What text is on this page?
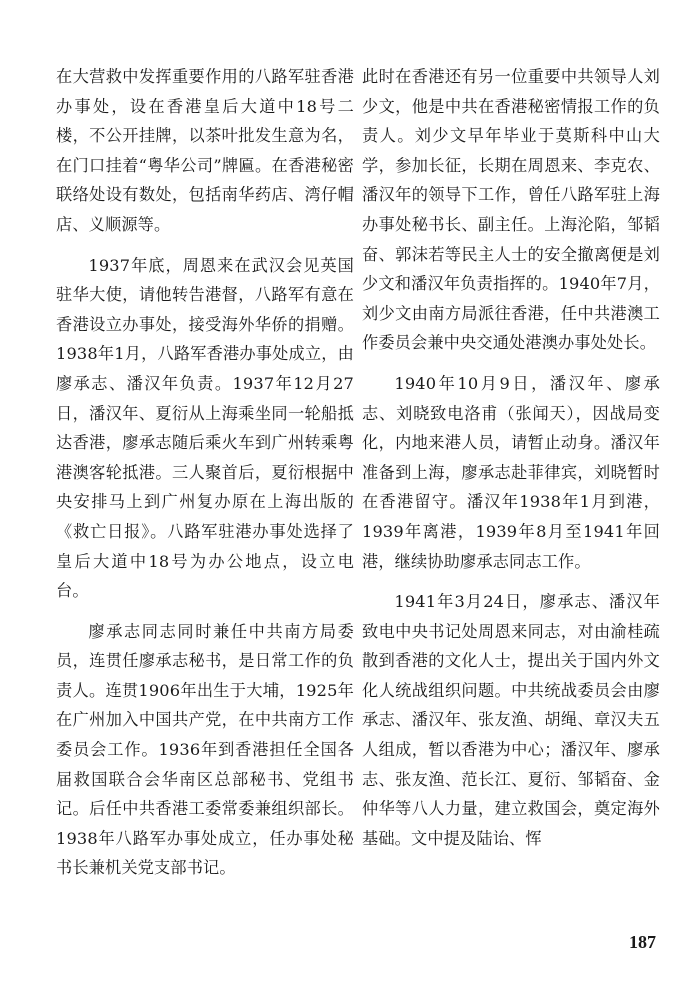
在大营救中发挥重要作用的八路军驻香港办事处，设在香港皇后大道中18号二楼，不公开挂牌，以茶叶批发生意为名，在门口挂着“粤华公司”牌匾。在香港秘密联络处设有数处，包括南华药店、湾仔帽店、义顺源等。

1937年底，周恩来在武汉会见英国驻华大使，请他转告港督，八路军有意在香港设立办事处，接受海外华侨的捐赠。1938年1月，八路军香港办事处成立，由廖承志、潘汉年负责。1937年12月27日，潘汉年、夏衍从上海乘坐同一轮船抵达香港，廖承志随后乘火车到广州转乘粤港澳客轮抵港。三人聚首后，夏衍根据中央安排马上到广州复办原在上海出版的《救亡日报》。八路军驻港办事处选择了皇后大道中18号为办公地点，设立电台。

廖承志同志同时兼任中共南方局委员，连贯任廖承志秘书，是日常工作的负责人。连贯1906年出生于大埔，1925年在广州加入中国共产党，在中共南方工作委员会工作。1936年到香港担任全国各届救国联合会华南区总部秘书、党组书记。后任中共香港工委常委兼组织部长。1938年八路军办事处成立，任办事处秘书长兼机关党支部书记。

此时在香港还有另一位重要中共领导人刘少文，他是中共在香港秘密情报工作的负责人。刘少文早年毕业于莫斯科中山大学，参加长征，长期在周恩来、李克农、潘汉年的领导下工作，曾任八路军驻上海办事处秘书长、副主任。上海沦陷，邹韬奋、郭沫若等民主人士的安全撤离便是刘少文和潘汉年负责指挥的。1940年7月，刘少文由南方局派往香港，任中共港澳工作委员会兼中央交通处港澳办事处处长。

1940年10月9日，潘汉年、廖承志、刘晓致电洛甫（张闻天），因战局变化，内地来港人员，请暂止动身。潘汉年准备到上海，廖承志赴菲律宾，刘晓暂时在香港留守。潘汉年1938年1月到港，1939年离港，1939年8月至1941年回港，继续协助廖承志同志工作。

1941年3月24日，廖承志、潘汉年致电中央书记处周恩来同志，对由渝桂疏散到香港的文化人士，提出关于国内外文化人统战组织问题。中共统战委员会由廖承志、潘汉年、张友渔、胡绳、章汉夫五人组成，暂以香港为中心；潘汉年、廖承志、张友渔、范长江、夏衍、邹韬奋、金仲华等八人力量，建立救国会，奠定海外基础。文中提及陆诒、恽

187
